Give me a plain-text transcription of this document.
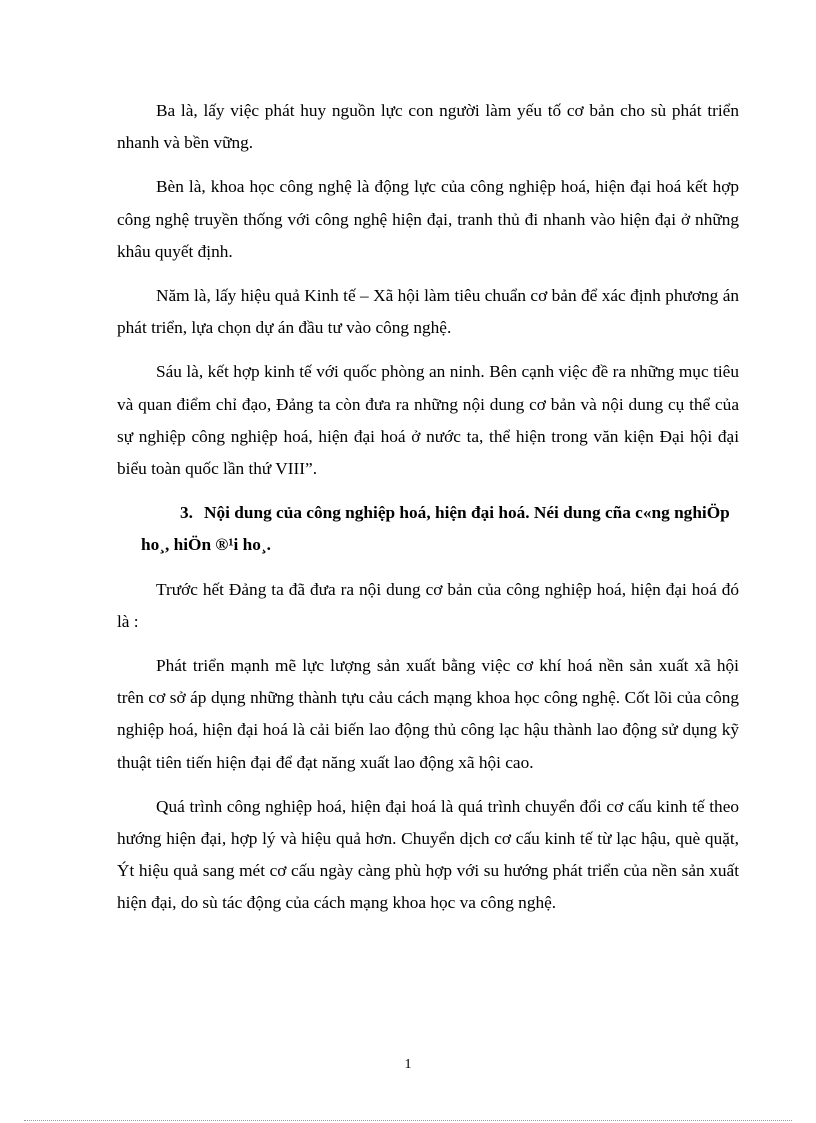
Ba là, lấy việc phát huy nguồn lực con người làm yếu tố cơ bản cho sù phát triển nhanh và bền vững.

Bèn là, khoa học công nghệ là động lực của công nghiệp hoá, hiện đại hoá kết hợp công nghệ truyền thống với công nghệ hiện đại, tranh thủ đi nhanh vào hiện đại ở những khâu quyết định.

Năm là, lấy hiệu quả Kinh tế – Xã hội làm tiêu chuẩn cơ bản để xác định phương án phát triển, lựa chọn dự án đầu tư vào công nghệ.

Sáu là, kết hợp kinh tế với quốc phòng an ninh. Bên cạnh việc đề ra những mục tiêu và quan điểm chỉ đạo, Đảng ta còn đưa ra những nội dung cơ bản và nội dung cụ thể của sự nghiệp công nghiệp hoá, hiện đại hoá ở nước ta, thể hiện trong văn kiện Đại hội đại biểu toàn quốc lần thứ VIII”.

3. Nội dung của công nghiệp hoá, hiện đại hoá. Néi dung cña c«ng nghiÖp ho¸, hiÖn ®¹i ho¸.

Trước hết Đảng ta đã đưa ra nội dung cơ bản của công nghiệp hoá, hiện đại hoá đó là :

Phát triển mạnh mẽ lực lượng sản xuất bằng việc cơ khí hoá nền sản xuất xã hội trên cơ sở áp dụng những thành tựu cảu cách mạng khoa học công nghệ. Cốt lõi của công nghiệp hoá, hiện đại hoá là cải biến lao động thủ công lạc hậu thành lao động sử dụng kỹ thuật tiên tiến hiện đại để đạt năng xuất lao động xã hội cao.

Quá trình công nghiệp hoá, hiện đại hoá là quá trình chuyển đổi cơ cấu kinh tế theo hướng hiện đại, hợp lý và hiệu quả hơn. Chuyển dịch cơ cấu kinh tế từ lạc hậu, què quặt, Ýt hiệu quả sang mét cơ cấu ngày càng phù hợp với su hướng phát triển của nền sản xuất hiện đại, do sù tác động của cách mạng khoa học va công nghệ.

1
